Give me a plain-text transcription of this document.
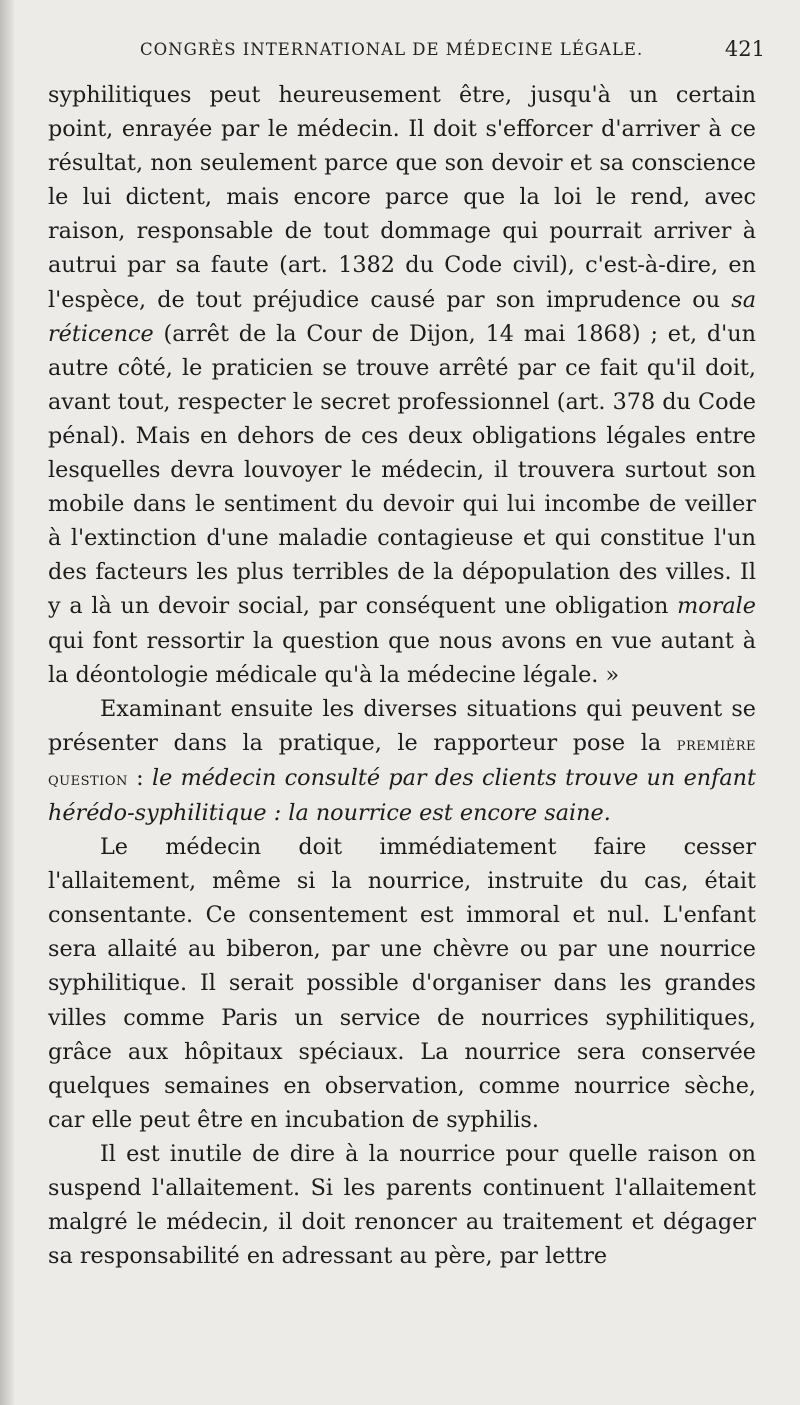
CONGRÈS INTERNATIONAL DE MÉDECINE LÉGALE.	421

syphilitiques peut heureusement être, jusqu'à un certain point, enrayée par le médecin. Il doit s'efforcer d'arriver à ce résultat, non seulement parce que son devoir et sa conscience le lui dictent, mais encore parce que la loi le rend, avec raison, responsable de tout dommage qui pourrait arriver à autrui par sa faute (art. 1382 du Code civil), c'est-à-dire, en l'espèce, de tout préjudice causé par son imprudence ou sa réticence (arrêt de la Cour de Dijon, 14 mai 1868) ; et, d'un autre côté, le praticien se trouve arrêté par ce fait qu'il doit, avant tout, respecter le secret professionnel (art. 378 du Code pénal). Mais en dehors de ces deux obligations légales entre lesquelles devra louvoyer le médecin, il trouvera surtout son mobile dans le sentiment du devoir qui lui incombe de veiller à l'extinction d'une maladie contagieuse et qui constitue l'un des facteurs les plus terribles de la dépopulation des villes. Il y a là un devoir social, par conséquent une obligation morale qui font ressortir la question que nous avons en vue autant à la déontologie médicale qu'à la médecine légale. »

Examinant ensuite les diverses situations qui peuvent se présenter dans la pratique, le rapporteur pose la première question : le médecin consulté par des clients trouve un enfant hérédo-syphilitique : la nourrice est encore saine.

Le médecin doit immédiatement faire cesser l'allaitement, même si la nourrice, instruite du cas, était consentante. Ce consentement est immoral et nul. L'enfant sera allaité au biberon, par une chèvre ou par une nourrice syphilitique. Il serait possible d'organiser dans les grandes villes comme Paris un service de nourrices syphilitiques, grâce aux hôpitaux spéciaux. La nourrice sera conservée quelques semaines en observation, comme nourrice sèche, car elle peut être en incubation de syphilis.

Il est inutile de dire à la nourrice pour quelle raison on suspend l'allaitement. Si les parents continuent l'allaitement malgré le médecin, il doit renoncer au traitement et dégager sa responsabilité en adressant au père, par lettre
